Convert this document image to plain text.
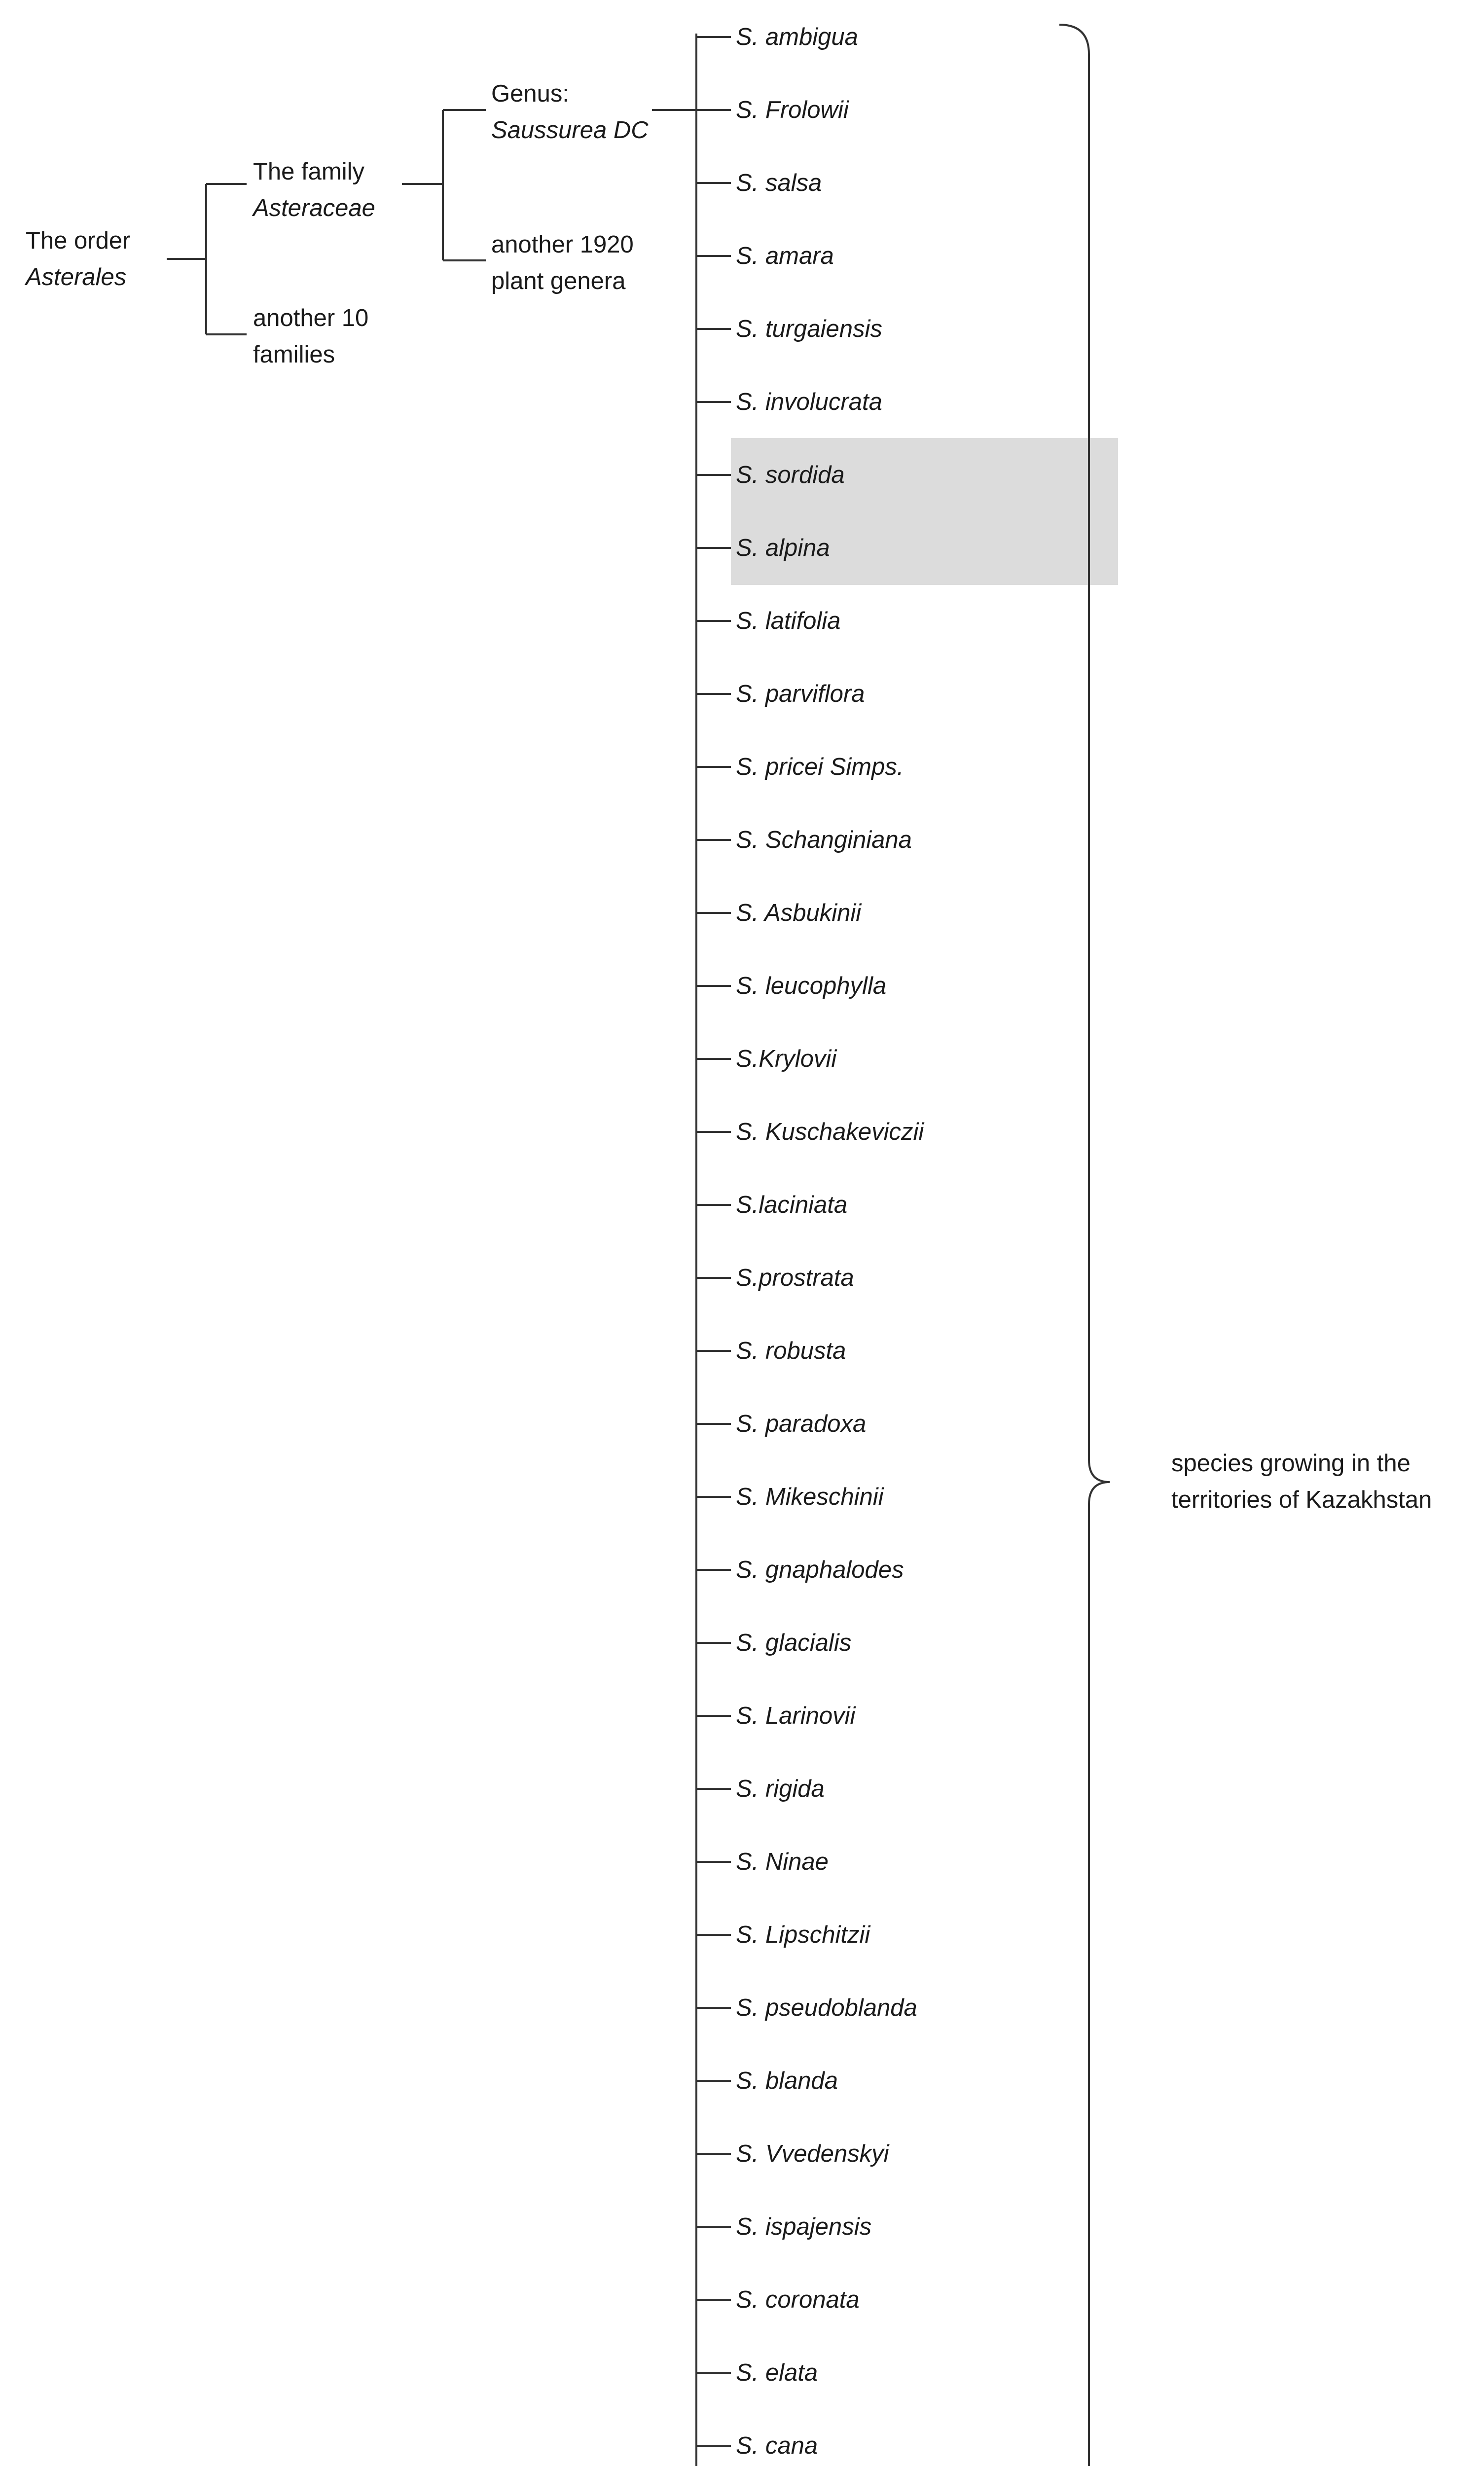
The order
Asterales
The family
Asteraceae
another 10
families
Genus:
Saussurea DC
another 1920
plant genera
S. ambigua
S. Frolowii
S. salsa
S. amara
S. turgaiensis
S. involucrata
S. sordida
S. alpina
S. latifolia
S. parviflora
S. pricei Simps.
S. Schanginiana
S. Asbukinii
S. leucophylla
S.Krylovii
S. Kuschakeviczii
S.laciniata
S.prostrata
S. robusta
S. paradoxa
S. Mikeschinii
S. gnaphalodes
S. glacialis
S. Larinovii
S. rigida
S. Ninae
S. Lipschitzii
S. pseudoblanda
S. blanda
S. Vvedenskyi
S. ispajensis
S. coronata
S. elata
S. cana
species growing in the
territories of Kazakhstan
